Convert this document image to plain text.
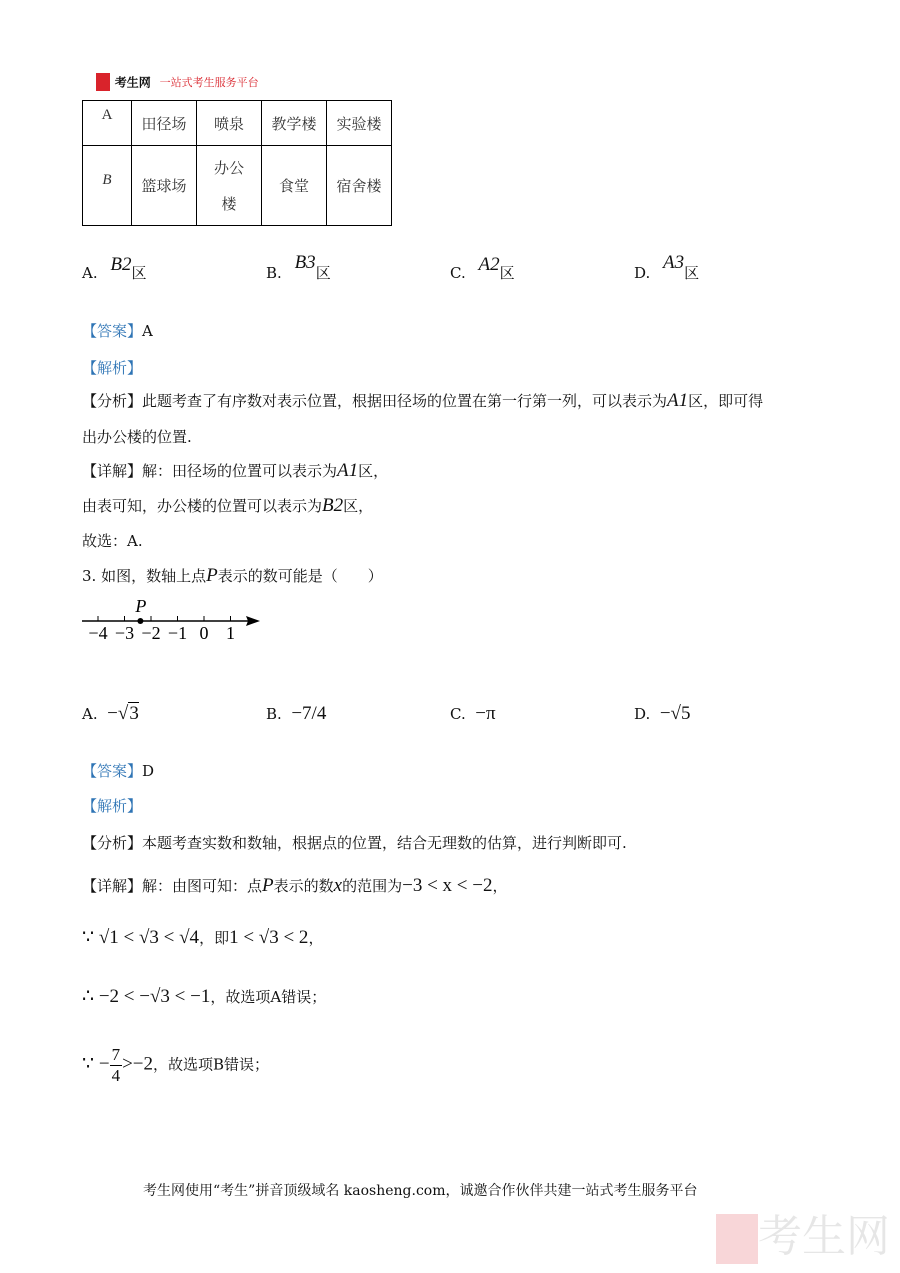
考生网 一站式考生服务平台
A	田径场	喷泉	教学楼	实验楼
B	篮球场	办公楼	食堂	宿舍楼
A. B2区	B. B3区	C. A2区	D. A3区
【答案】A
【解析】
【分析】此题考查了有序数对表示位置，根据田径场的位置在第一行第一列，可以表示为A1区，即可得
出办公楼的位置.
【详解】解：田径场的位置可以表示为A1区，
由表可知，办公楼的位置可以表示为B2区，
故选：A.
3. 如图，数轴上点P表示的数可能是（　　）
−4 −3 −2 −1 0 1
P
A. −√3	B. −7/4	C. −π	D. −√5
【答案】D
【解析】
【分析】本题考查实数和数轴，根据点的位置，结合无理数的估算，进行判断即可.
【详解】解：由图可知：点P表示的数x的范围为−3 < x < −2，
∵ √1 < √3 < √4，即1 < √3 < 2，
∴ −2 < −√3 < −1，故选项A错误；
∵ − $\frac{7}{4} >-2$，故选项B错误；
考生网使用“考生”拼音顶级域名 kaosheng.com，诚邀合作伙伴共建一站式考生服务平台
考生网
